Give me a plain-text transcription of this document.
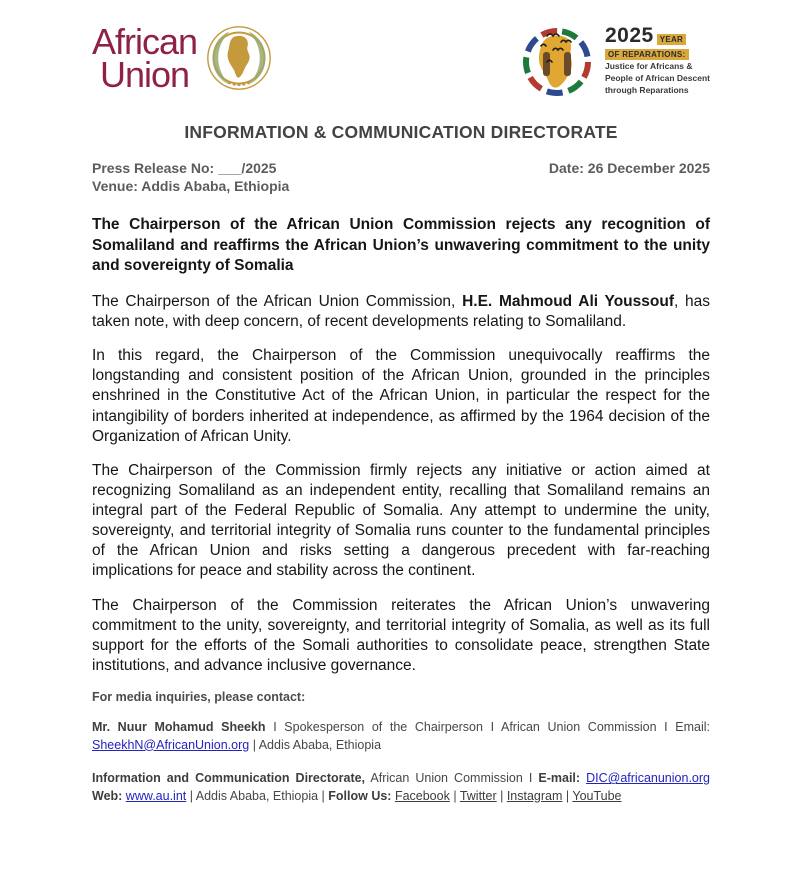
African
Union
2025 YEAR
OF REPARATIONS:
Justice for Africans &
People of African Descent
through Reparations
INFORMATION & COMMUNICATION DIRECTORATE
Press Release No: ___/2025
Venue: Addis Ababa, Ethiopia
Date: 26 December 2025

The Chairperson of the African Union Commission rejects any recognition of Somaliland and reaffirms the African Union’s unwavering commitment to the unity and sovereignty of Somalia

The Chairperson of the African Union Commission, H.E. Mahmoud Ali Youssouf, has taken note, with deep concern, of recent developments relating to Somaliland.

In this regard, the Chairperson of the Commission unequivocally reaffirms the longstanding and consistent position of the African Union, grounded in the principles enshrined in the Constitutive Act of the African Union, in particular the respect for the intangibility of borders inherited at independence, as affirmed by the 1964 decision of the Organization of African Unity.

The Chairperson of the Commission firmly rejects any initiative or action aimed at recognizing Somaliland as an independent entity, recalling that Somaliland remains an integral part of the Federal Republic of Somalia. Any attempt to undermine the unity, sovereignty, and territorial integrity of Somalia runs counter to the fundamental principles of the African Union and risks setting a dangerous precedent with far-reaching implications for peace and stability across the continent.

The Chairperson of the Commission reiterates the African Union’s unwavering commitment to the unity, sovereignty, and territorial integrity of Somalia, as well as its full support for the efforts of the Somali authorities to consolidate peace, strengthen State institutions, and advance inclusive governance.

For media inquiries, please contact:
Mr. Nuur Mohamud Sheekh I Spokesperson of the Chairperson I African Union Commission I Email:
SheekhN@AfricanUnion.org | Addis Ababa, Ethiopia
Information and Communication Directorate, African Union Commission I E-mail: DIC@africanunion.org
Web: www.au.int | Addis Ababa, Ethiopia | Follow Us: Facebook | Twitter | Instagram | YouTube
